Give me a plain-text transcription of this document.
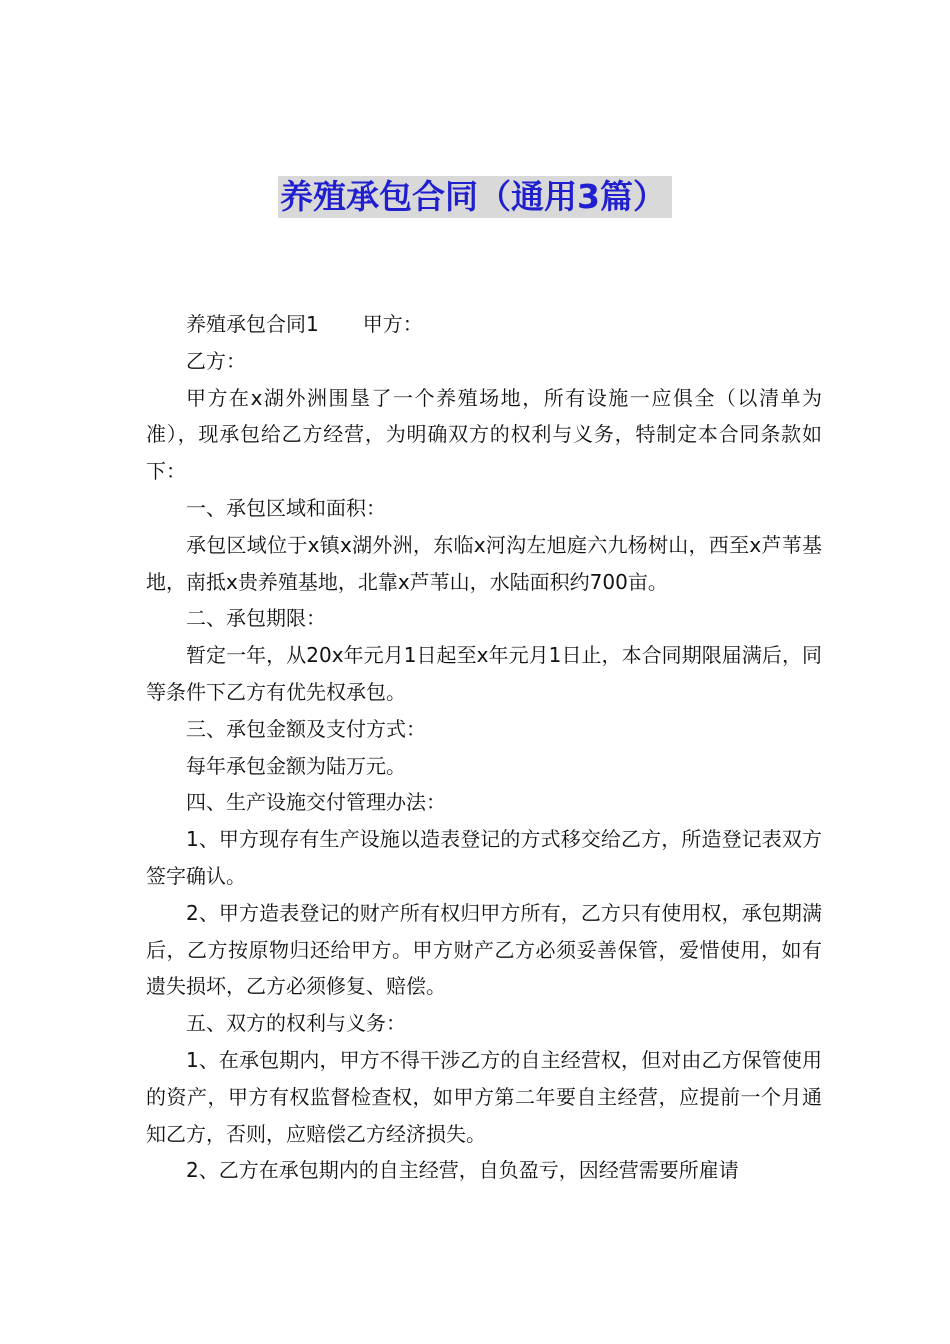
养殖承包合同（通用3篇）

养殖承包合同1 甲方：

乙方：

甲方在x湖外洲围垦了一个养殖场地，所有设施一应俱全（以清单为准），现承包给乙方经营，为明确双方的权利与义务，特制定本合同条款如下：

一、承包区域和面积：

承包区域位于x镇x湖外洲，东临x河沟左旭庭六九杨树山，西至x芦苇基地，南抵x贵养殖基地，北靠x芦苇山，水陆面积约700亩。

二、承包期限：

暂定一年，从20x年元月1日起至x年元月1日止，本合同期限届满后，同等条件下乙方有优先权承包。

三、承包金额及支付方式：

每年承包金额为陆万元。

四、生产设施交付管理办法：

1、甲方现存有生产设施以造表登记的方式移交给乙方，所造登记表双方签字确认。

2、甲方造表登记的财产所有权归甲方所有，乙方只有使用权，承包期满后，乙方按原物归还给甲方。甲方财产乙方必须妥善保管，爱惜使用，如有遗失损坏，乙方必须修复、赔偿。

五、双方的权利与义务：

1、在承包期内，甲方不得干涉乙方的自主经营权，但对由乙方保管使用的资产，甲方有权监督检查权，如甲方第二年要自主经营，应提前一个月通知乙方，否则，应赔偿乙方经济损失。

2、乙方在承包期内的自主经营，自负盈亏，因经营需要所雇请
